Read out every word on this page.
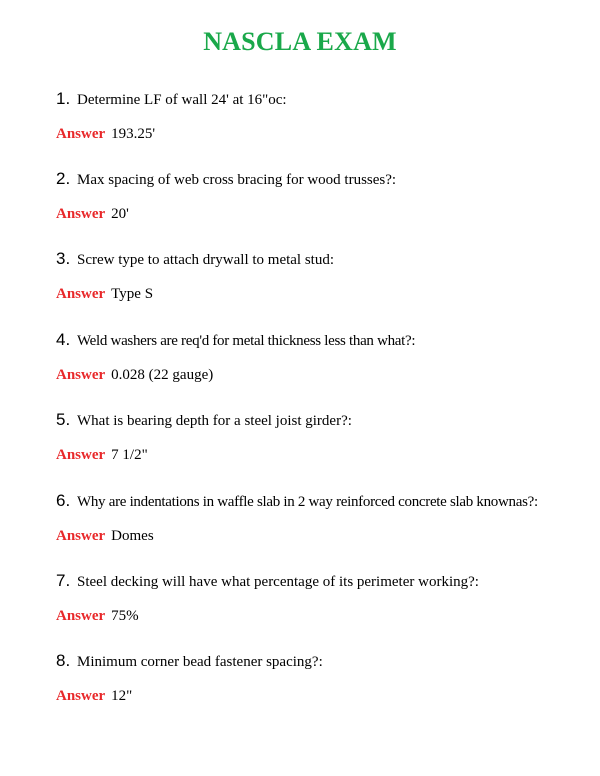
NASCLA EXAM
1. Determine LF of wall 24' at 16"oc:
Answer 193.25'
2. Max spacing of web cross bracing for wood trusses?:
Answer 20'
3. Screw type to attach drywall to metal stud:
Answer Type S
4. Weld washers are req'd for metal thickness less than what?:
Answer 0.028 (22 gauge)
5. What is bearing depth for a steel joist girder?:
Answer 7 1/2"
6. Why are indentations in waffle slab in 2 way reinforced concrete slab knownas?:
Answer Domes
7. Steel decking will have what percentage of its perimeter working?:
Answer 75%
8. Minimum corner bead fastener spacing?:
Answer 12"
